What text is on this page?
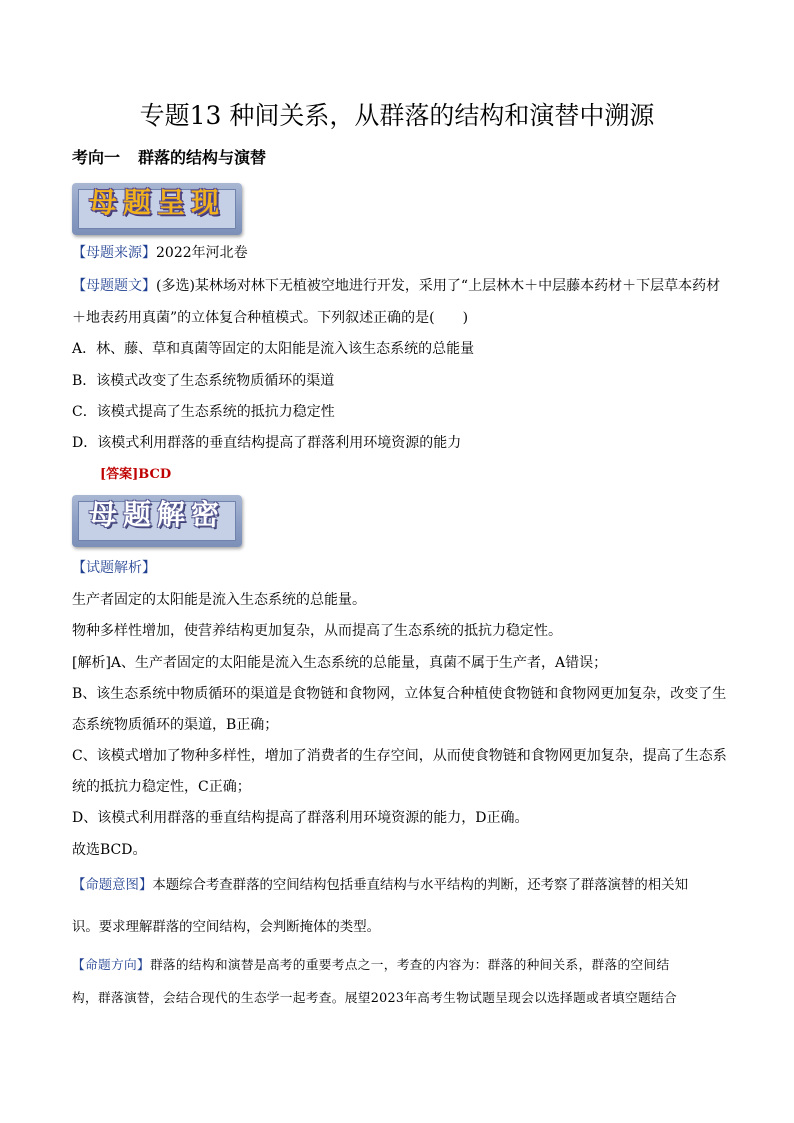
专题13 种间关系，从群落的结构和演替中溯源
考向一 群落的结构与演替
母题呈现
【母题来源】2022年河北卷
【母题题文】(多选)某林场对林下无植被空地进行开发，采用了“上层林木＋中层藤本药材＋下层草本药材
＋地表药用真菌”的立体复合种植模式。下列叙述正确的是(　　)
A．林、藤、草和真菌等固定的太阳能是流入该生态系统的总能量
B．该模式改变了生态系统物质循环的渠道
C．该模式提高了生态系统的抵抗力稳定性
D．该模式利用群落的垂直结构提高了群落利用环境资源的能力
[答案]BCD
母题解密
【试题解析】
生产者固定的太阳能是流入生态系统的总能量。
物种多样性增加，使营养结构更加复杂，从而提高了生态系统的抵抗力稳定性。
[解析]A、生产者固定的太阳能是流入生态系统的总能量，真菌不属于生产者，A错误；
B、该生态系统中物质循环的渠道是食物链和食物网，立体复合种植使食物链和食物网更加复杂，改变了生
态系统物质循环的渠道，B正确；
C、该模式增加了物种多样性，增加了消费者的生存空间，从而使食物链和食物网更加复杂，提高了生态系
统的抵抗力稳定性，C正确；
D、该模式利用群落的垂直结构提高了群落利用环境资源的能力，D正确。
故选BCD。
【命题意图】本题综合考查群落的空间结构包括垂直结构与水平结构的判断，还考察了群落演替的相关知
识。要求理解群落的空间结构，会判断掩体的类型。
【命题方向】群落的结构和演替是高考的重要考点之一，考查的内容为：群落的种间关系，群落的空间结
构，群落演替，会结合现代的生态学一起考查。展望2023年高考生物试题呈现会以选择题或者填空题结合
